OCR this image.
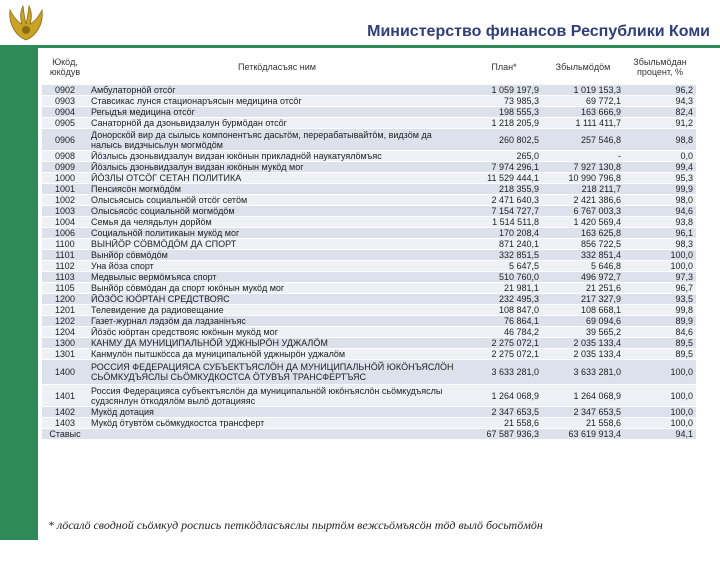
Министерство финансов Республики Коми
22
Юкöд, юкöдув	Петкöдласъяс ним	План*	Збыльмöдöм	Збыльмöдан процент, %
0902	Амбулаторнöй отсöг	1 059 197,9	1 019 153,3	96,2
0903	Ставсикас лунся стационаръясын медицина отсöг	73 985,3	69 772,1	94,3
0904	Регыдъя медицина отсöг	198 555,3	163 666,9	82,4
0905	Санаторнöй да дзоньвидзалун бурмöдан отсöг	1 218 205,9	1 111 411,7	91,2
0906	Донорскöй вир да сылысь компонентъяс дасьтöм, перерабатывайтöм, видзöм да налысь видзчысьлун могмöдöм	260 802,5	257 546,8	98,8
0908	Йöзлысь дзоньвидзалун видзан юкöнын прикладнöй наукатуялöмъяс	265,0	-	0,0
0909	Йöзлысь дзоньвидзалун видзан юкöнын мукöд мог	7 974 296,1	7 927 130,8	99,4
1000	ЙÖЗЛЫ ОТСÖГ СЕТАН ПОЛИТИКА	11 529 444,1	10 990 796,8	95,3
1001	Пенсиясöн могмöдöм	218 355,9	218 211,7	99,9
1002	Олысьясысь социальнöй отсöг сетöм	2 471 640,3	2 421 386,6	98,0
1003	Олысьясöс социальнöй могмöдöм	7 154 727,7	6 767 003,3	94,6
1004	Семья да челядьлун дорйöм	1 514 511,8	1 420 569,4	93,8
1006	Социальнöй политикаын мукöд мог	170 208,4	163 625,8	96,1
1100	ВЫНЙÖР СÖВМÖДÖМ ДА СПОРТ	871 240,1	856 722,5	98,3
1101	Вынйöр сöвмöдöм	332 851,5	332 851,4	100,0
1102	Уна йöза спорт	5 647,5	5 646,8	100,0
1103	Медвылыс вермöмъяса спорт	510 760,0	496 972,7	97,3
1105	Вынйöр сöвмöдан да спорт юкöнын мукöд мог	21 981,1	21 251,6	96,7
1200	ЙÖЗÖС ЮÖРТАН СРЕДСТВОЯС	232 495,3	217 327,9	93,5
1201	Телевидение да радиовещание	108 847,0	108 668,1	99,8
1202	Газет-журнал лэдзöм да лэдзанiнъяс	76 864,1	69 094,6	89,9
1204	Йöзöс юöртан средствояс юкöнын мукöд мог	46 784,2	39 565,2	84,6
1300	КАНМУ ДА МУНИЦИПАЛЬНÖЙ УДЖНЫРÖН УДЖАЛÖМ	2 275 072,1	2 035 133,4	89,5
1301	Канмулöн пытшкöсса да муниципальнöй уджнырöн уджалöм	2 275 072,1	2 035 133,4	89,5
1400	РОССИЯ ФЕДЕРАЦИЯСА СУБЪЕКТЪЯСЛÖН ДА МУНИЦИПАЛЬНÖЙ ЮКÖНЪЯСЛÖН СЬÖМКУДЪЯСЛЫ СЬÖМКУДКОСТСА ÖТУВЪЯ ТРАНСФЕРТЪЯС	3 633 281,0	3 633 281,0	100,0
1401	Россия Федерацияса субъектъяслöн да муниципальнöй юкöнъяслöн сьöмкудъяслы судзсянлун öткодялöм вылö дотацияяс	1 264 068,9	1 264 068,9	100,0
1402	Мукöд дотация	2 347 653,5	2 347 653,5	100,0
1403	Мукöд öтувтöм сьöмкудкостса трансферт	21 558,6	21 558,6	100,0
Ставыс		67 587 936,3	63 619 913,4	94,1
* лöсалö сводной сьöмкуд роспись петкöдласъяслы пыртöм вежсьöмъясöн тöд вылö босьтöмöн
